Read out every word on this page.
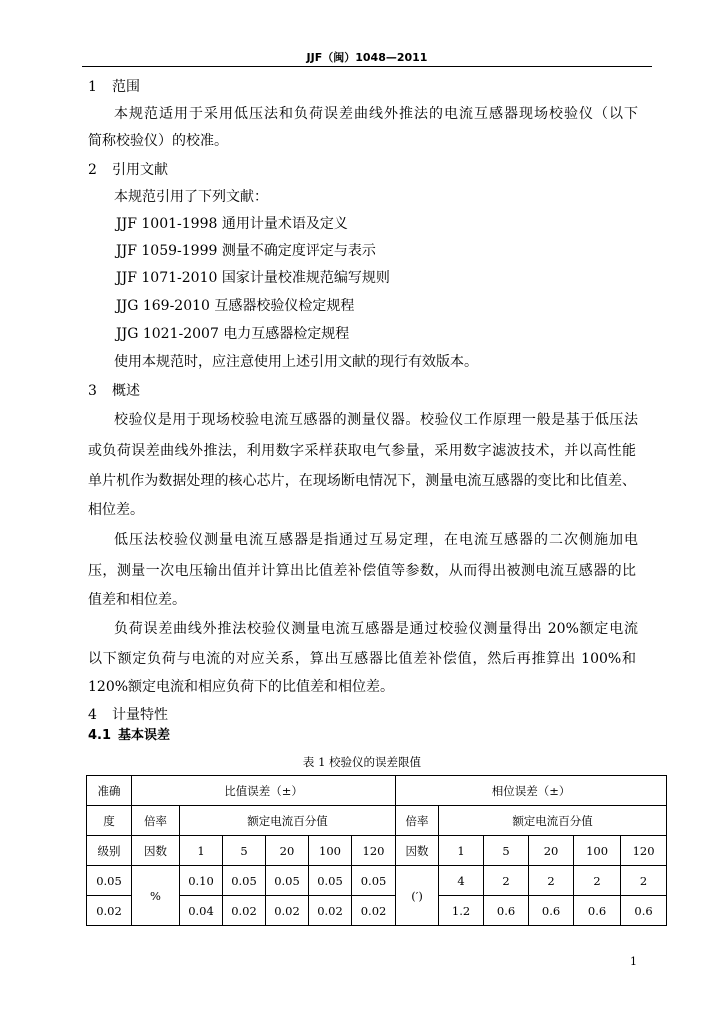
JJF（闽）1048—2011
1 范围
本规范适用于采用低压法和负荷误差曲线外推法的电流互感器现场校验仪（以下
简称校验仪）的校准。
2 引用文献
本规范引用了下列文献：
JJF 1001-1998 通用计量术语及定义
JJF 1059-1999 测量不确定度评定与表示
JJF 1071-2010 国家计量校准规范编写规则
JJG 169-2010 互感器校验仪检定规程
JJG 1021-2007 电力互感器检定规程
使用本规范时，应注意使用上述引用文献的现行有效版本。
3 概述
校验仪是用于现场校验电流互感器的测量仪器。校验仪工作原理一般是基于低压法
或负荷误差曲线外推法，利用数字采样获取电气参量，采用数字滤波技术，并以高性能
单片机作为数据处理的核心芯片，在现场断电情况下，测量电流互感器的变比和比值差、
相位差。
低压法校验仪测量电流互感器是指通过互易定理，在电流互感器的二次侧施加电
压，测量一次电压输出值并计算出比值差补偿值等参数，从而得出被测电流互感器的比
值差和相位差。
负荷误差曲线外推法校验仪测量电流互感器是通过校验仪测量得出 20%额定电流
以下额定负荷与电流的对应关系，算出互感器比值差补偿值，然后再推算出 100%和
120%额定电流和相应负荷下的比值差和相位差。
4 计量特性
4.1 基本误差
表 1 校验仪的误差限值
准确	比值误差（±）						相位误差（±）					
度	倍率	额定电流百分值					倍率	额定电流百分值				
级别	因数	1	5	20	100	120	因数	1	5	20	100	120
0.05	%	0.10	0.05	0.05	0.05	0.05	(′)	4	2	2	2	2
0.02		0.04	0.02	0.02	0.02	0.02		1.2	0.6	0.6	0.6	0.6
1
